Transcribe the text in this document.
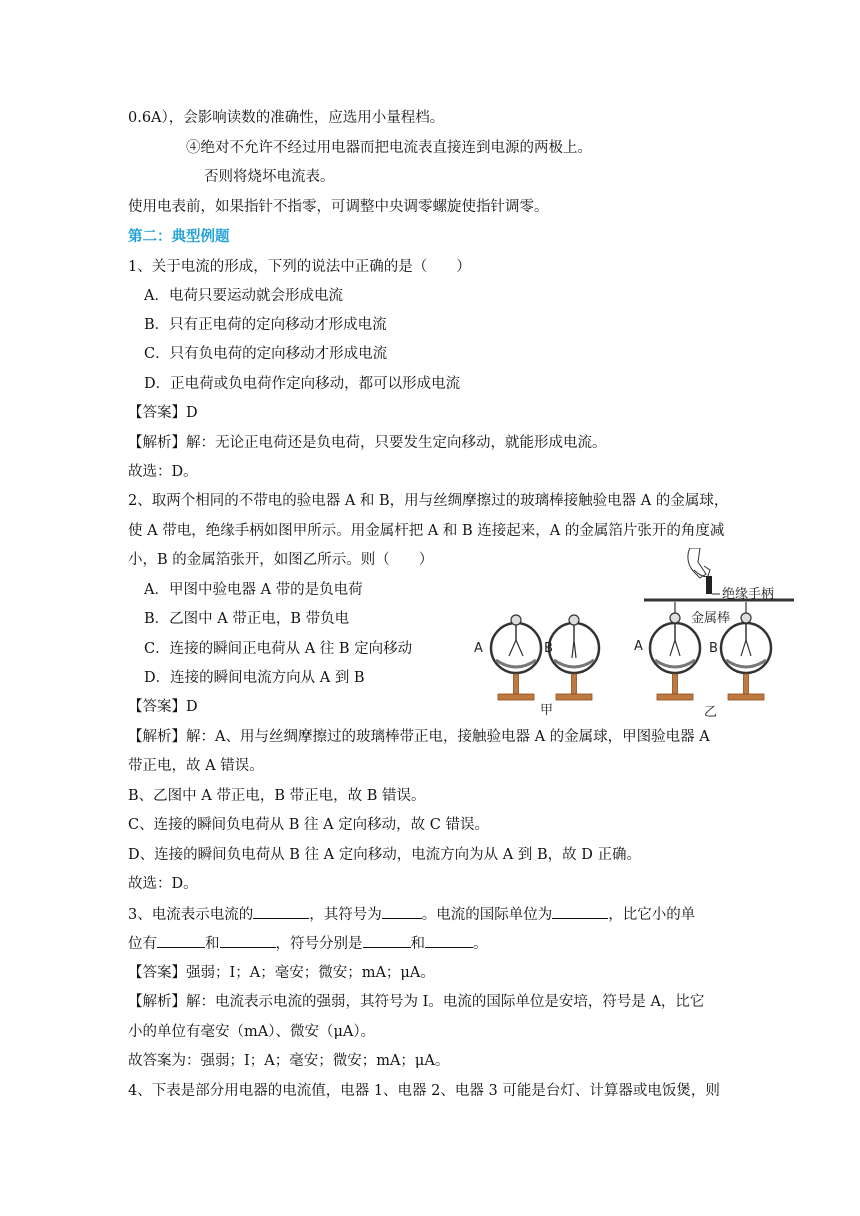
0.6A），会影响读数的准确性，应选用小量程档。
④绝对不允许不经过用电器而把电流表直接连到电源的两极上。
否则将烧坏电流表。
使用电表前，如果指针不指零，可调整中央调零螺旋使指针调零。
第二：典型例题
1、关于电流的形成，下列的说法中正确的是（　　）
A．电荷只要运动就会形成电流
B．只有正电荷的定向移动才形成电流
C．只有负电荷的定向移动才形成电流
D．正电荷或负电荷作定向移动，都可以形成电流
【答案】D
【解析】解：无论正电荷还是负电荷，只要发生定向移动，就能形成电流。
故选：D。
2、取两个相同的不带电的验电器 A 和 B，用与丝绸摩擦过的玻璃棒接触验电器 A 的金属球，
使 A 带电，绝缘手柄如图甲所示。用金属杆把 A 和 B 连接起来，A 的金属箔片张开的角度减
小，B 的金属箔张开，如图乙所示。则（　　）
A．甲图中验电器 A 带的是负电荷
B．乙图中 A 带正电，B 带负电
C．连接的瞬间正电荷从 A 往 B 定向移动
D．连接的瞬间电流方向从 A 到 B
【答案】D
【解析】解：A、用与丝绸摩擦过的玻璃棒带正电，接触验电器 A 的金属球，甲图验电器 A
带正电，故 A 错误。
B、乙图中 A 带正电，B 带正电，故 B 错误。
C、连接的瞬间负电荷从 B 往 A 定向移动，故 C 错误。
D、连接的瞬间负电荷从 B 往 A 定向移动，电流方向为从 A 到 B，故 D 正确。
故选：D。
A	B
甲
绝缘手柄
金属棒
A	B
乙
3、电流表示电流的	，其符号为	。电流的国际单位为	，比它小的单
位有	和	，符号分别是	和	。
【答案】强弱；I；A；毫安；微安；mA；μA。
【解析】解：电流表示电流的强弱，其符号为 I。电流的国际单位是安培，符号是 A，比它
小的单位有毫安（mA）、微安（μA）。
故答案为：强弱；I；A；毫安；微安；mA；μA。
4、下表是部分用电器的电流值，电器 1、电器 2、电器 3 可能是台灯、计算器或电饭煲，则
